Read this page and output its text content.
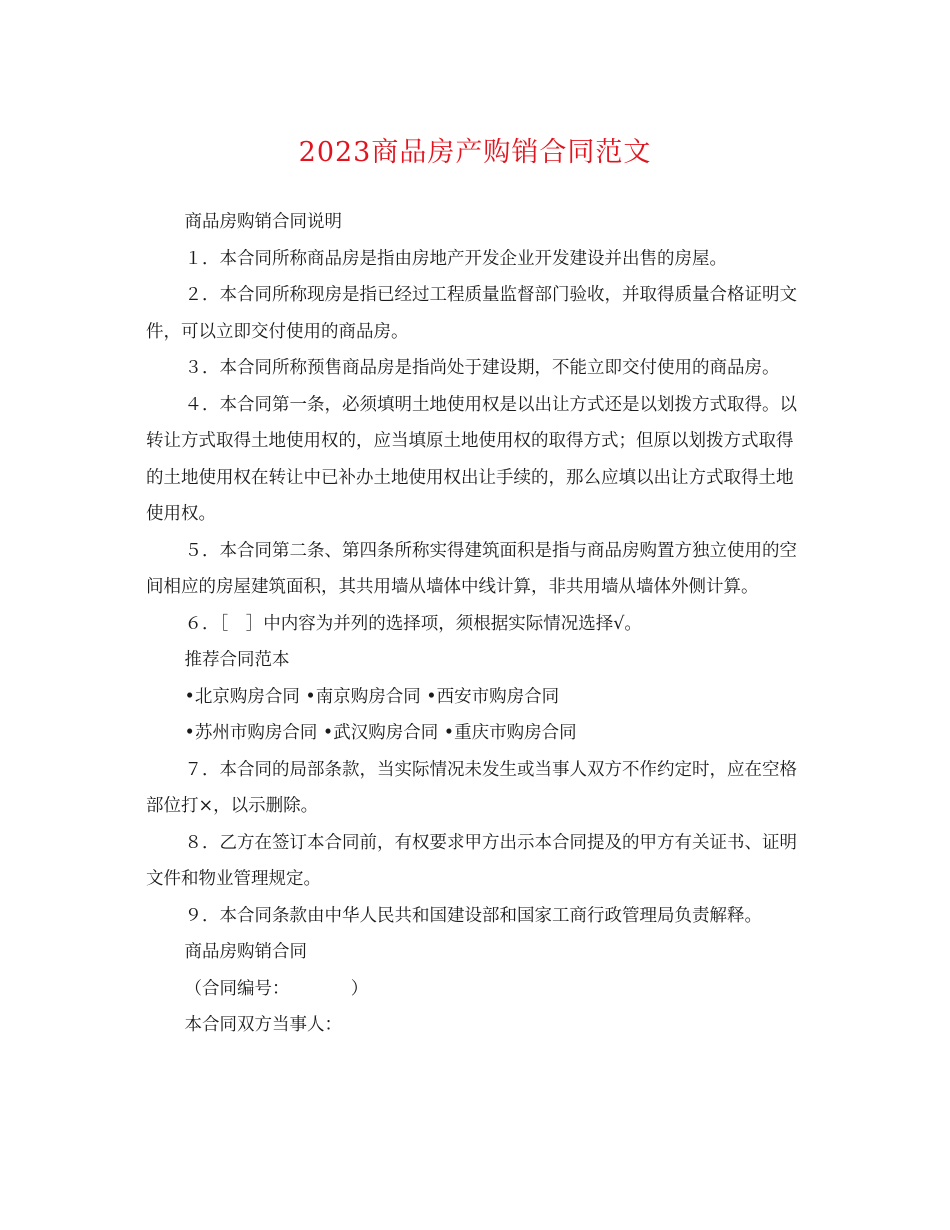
2023商品房产购销合同范文

商品房购销合同说明

１．本合同所称商品房是指由房地产开发企业开发建设并出售的房屋。

２．本合同所称现房是指已经过工程质量监督部门验收，并取得质量合格证明文件，可以立即交付使用的商品房。

３．本合同所称预售商品房是指尚处于建设期，不能立即交付使用的商品房。

４．本合同第一条，必须填明土地使用权是以出让方式还是以划拨方式取得。以转让方式取得土地使用权的，应当填原土地使用权的取得方式；但原以划拨方式取得的土地使用权在转让中已补办土地使用权出让手续的，那么应填以出让方式取得土地使用权。

５．本合同第二条、第四条所称实得建筑面积是指与商品房购置方独立使用的空间相应的房屋建筑面积，其共用墙从墙体中线计算，非共用墙从墙体外侧计算。

６．［　］中内容为并列的选择项，须根据实际情况选择√。

推荐合同范本

•北京购房合同 •南京购房合同 •西安市购房合同

•苏州市购房合同 •武汉购房合同 •重庆市购房合同

７．本合同的局部条款，当实际情况未发生或当事人双方不作约定时，应在空格部位打×，以示删除。

８．乙方在签订本合同前，有权要求甲方出示本合同提及的甲方有关证书、证明文件和物业管理规定。

９．本合同条款由中华人民共和国建设部和国家工商行政管理局负责解释。

商品房购销合同

（合同编号：　　　　）

本合同双方当事人：
